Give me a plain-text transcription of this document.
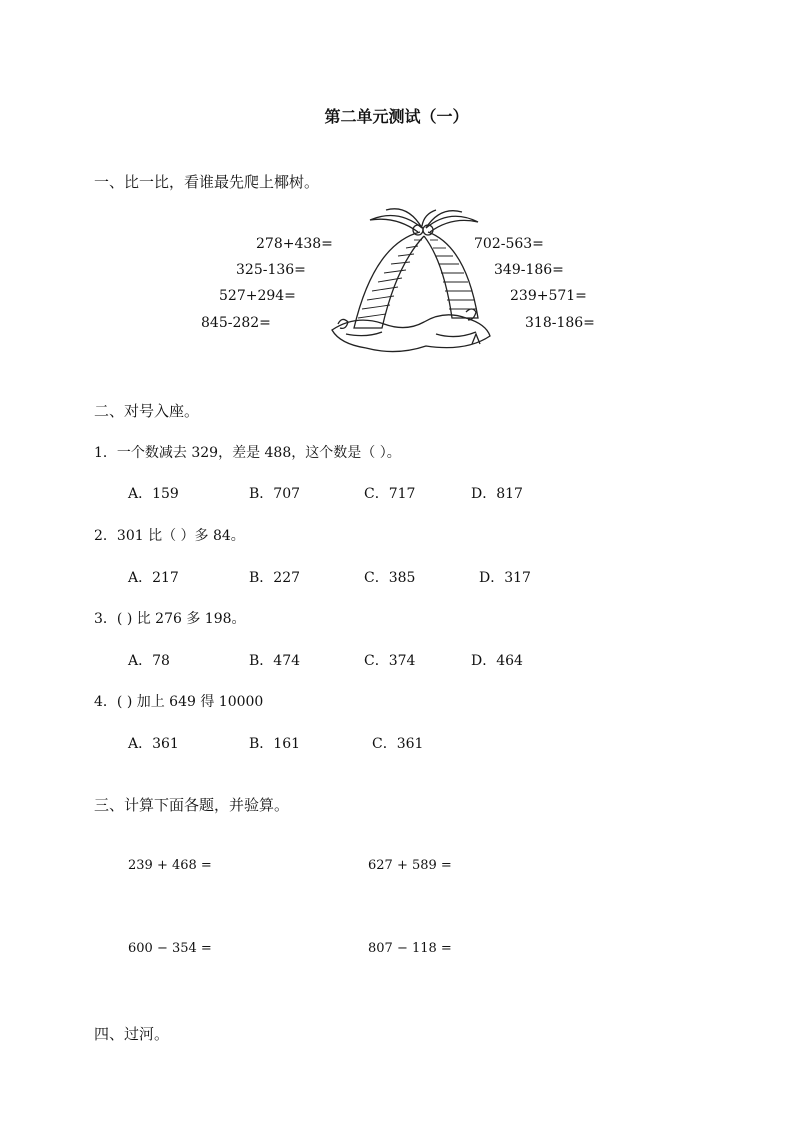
第二单元测试（一）
一、比一比，看谁最先爬上椰树。
278+438=
325-136=
527+294=
845-282=
702-563=
349-186=
239+571=
318-186=
二、对号入座。
1．一个数减去 329，差是 488，这个数是（ ）。
A．159	B．707	C．717	D．817
2．301 比（ ）多 84。
A．217	B．227	C．385	D．317
3．( ) 比 276 多 198。
A．78	B．474	C．374	D．464
4．( ) 加上 649 得 10000
A．361	B．161	C．361
三、计算下面各题，并验算。
239 + 468 =	627 + 589 =
600 − 354 =	807 − 118 =
四、过河。
